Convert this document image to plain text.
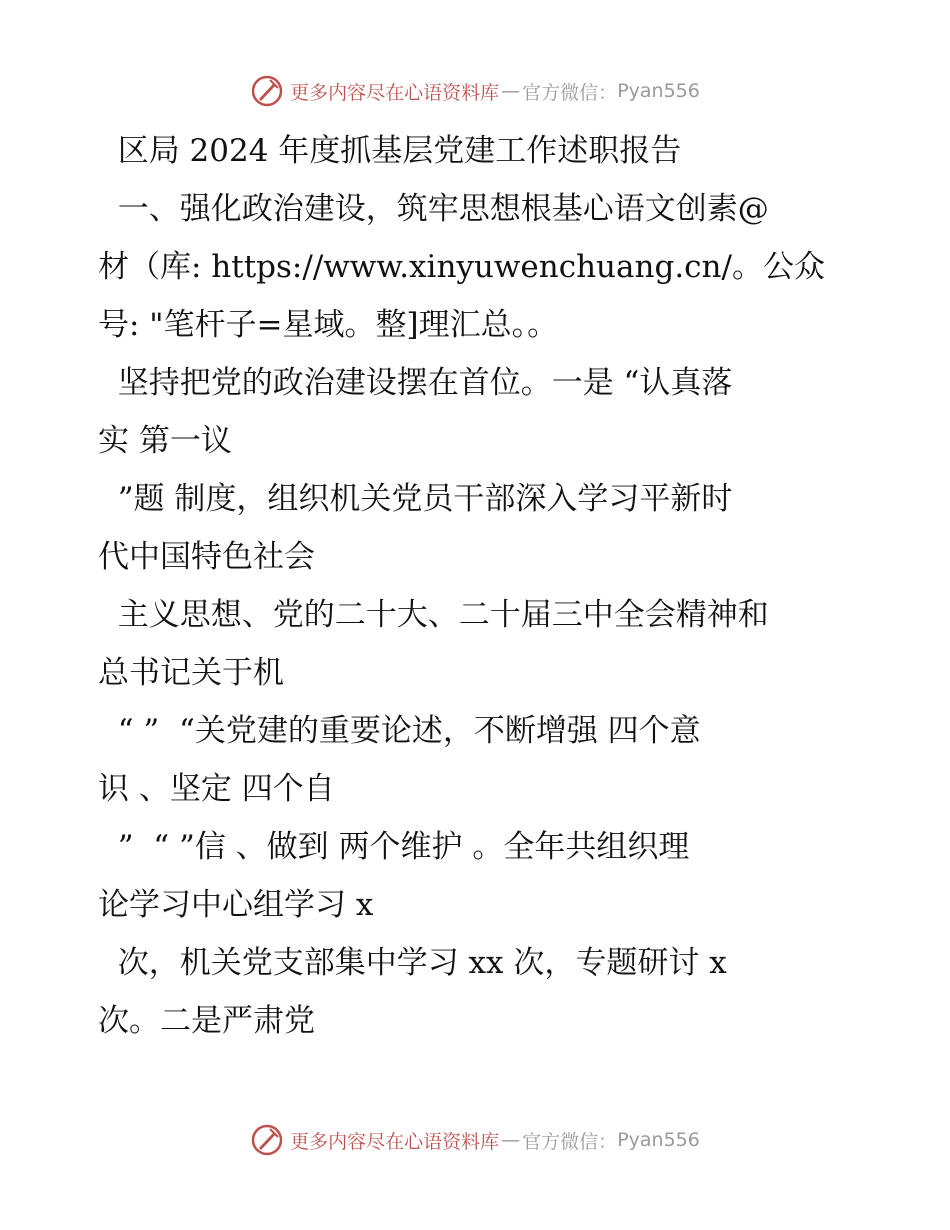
更多内容尽在心语资料库 — 官方微信： Pyan556
区局 2024 年度抓基层党建工作述职报告
一、强化政治建设，筑牢思想根基心语文创素@
材（库: https://www.xinyuwenchuang.cn/。公众
号: "笔杆子=星域。整]理汇总。。
坚持把党的政治建设摆在首位。一是 “认真落
实 第一议
”题 制度，组织机关党员干部深入学习平新时
代中国特色社会
主义思想、党的二十大、二十届三中全会精神和
总书记关于机
“ ”  “关党建的重要论述，不断增强 四个意
识 、坚定 四个自
”  “ ”信 、做到 两个维护 。全年共组织理
论学习中心组学习 x
次，机关党支部集中学习 xx 次，专题研讨 x
次。二是严肃党
更多内容尽在心语资料库 — 官方微信： Pyan556
